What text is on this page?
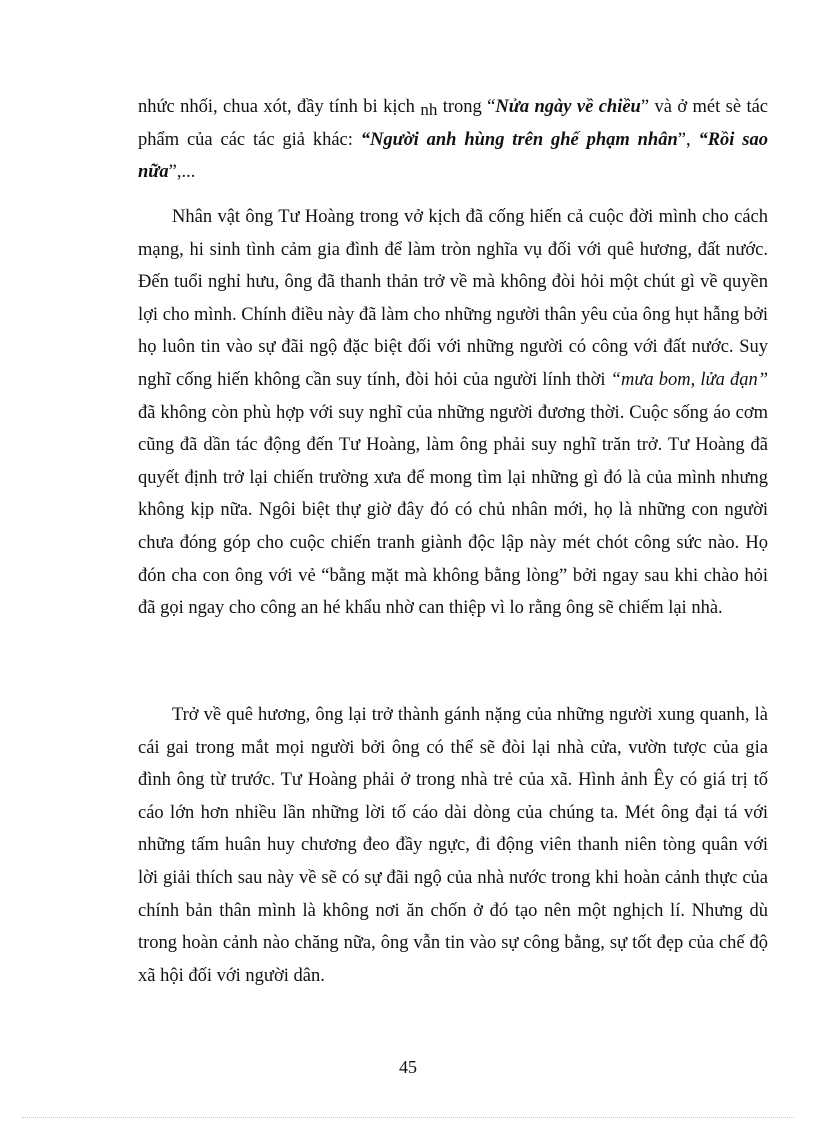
nhức nhối, chua xót, đầy tính bi kịch nh trong “Nửa ngày về chiều” và ở mét sè tác phẩm của các tác giả khác: “Người anh hùng trên ghế phạm nhân”, “Rồi sao nữa”,...

Nhân vật ông Tư Hoàng trong vở kịch đã cống hiến cả cuộc đời mình cho cách mạng, hi sinh tình cảm gia đình để làm tròn nghĩa vụ đối với quê hương, đất nước. Đến tuổi nghỉ hưu, ông đã thanh thản trở về mà không đòi hỏi một chút gì về quyền lợi cho mình. Chính điều này đã làm cho những người thân yêu của ông hụt hẫng bởi họ luôn tin vào sự đãi ngộ đặc biệt đối với những người có công với đất nước. Suy nghĩ cống hiến không cần suy tính, đòi hỏi của người lính thời “mưa bom, lửa đạn” đã không còn phù hợp với suy nghĩ của những người đương thời. Cuộc sống áo cơm cũng đã dần tác động đến Tư Hoàng, làm ông phải suy nghĩ trăn trở. Tư Hoàng đã quyết định trở lại chiến trường xưa để mong tìm lại những gì đó là của mình nhưng không kịp nữa. Ngôi biệt thự giờ đây đó có chủ nhân mới, họ là những con người chưa đóng góp cho cuộc chiến tranh giành độc lập này mét chót công sức nào. Họ đón cha con ông với vẻ “bằng mặt mà không bằng lòng” bởi ngay sau khi chào hỏi đã gọi ngay cho công an hé khẩu nhờ can thiệp vì lo rằng ông sẽ chiếm lại nhà.

Trở về quê hương, ông lại trở thành gánh nặng của những người xung quanh, là cái gai trong mắt mọi người bởi ông có thể sẽ đòi lại nhà cửa, vườn tược của gia đình ông từ trước. Tư Hoàng phải ở trong nhà trẻ của xã. Hình ảnh Êy có giá trị tố cáo lớn hơn nhiều lần những lời tố cáo dài dòng của chúng ta. Mét ông đại tá với những tấm huân huy chương đeo đầy ngực, đi động viên thanh niên tòng quân với lời giải thích sau này về sẽ có sự đãi ngộ của nhà nước trong khi hoàn cảnh thực của chính bản thân mình là không nơi ăn chốn ở đó tạo nên một nghịch lí. Nhưng dù trong hoàn cảnh nào chăng nữa, ông vẫn tin vào sự công bằng, sự tốt đẹp của chế độ xã hội đối với người dân.

45
